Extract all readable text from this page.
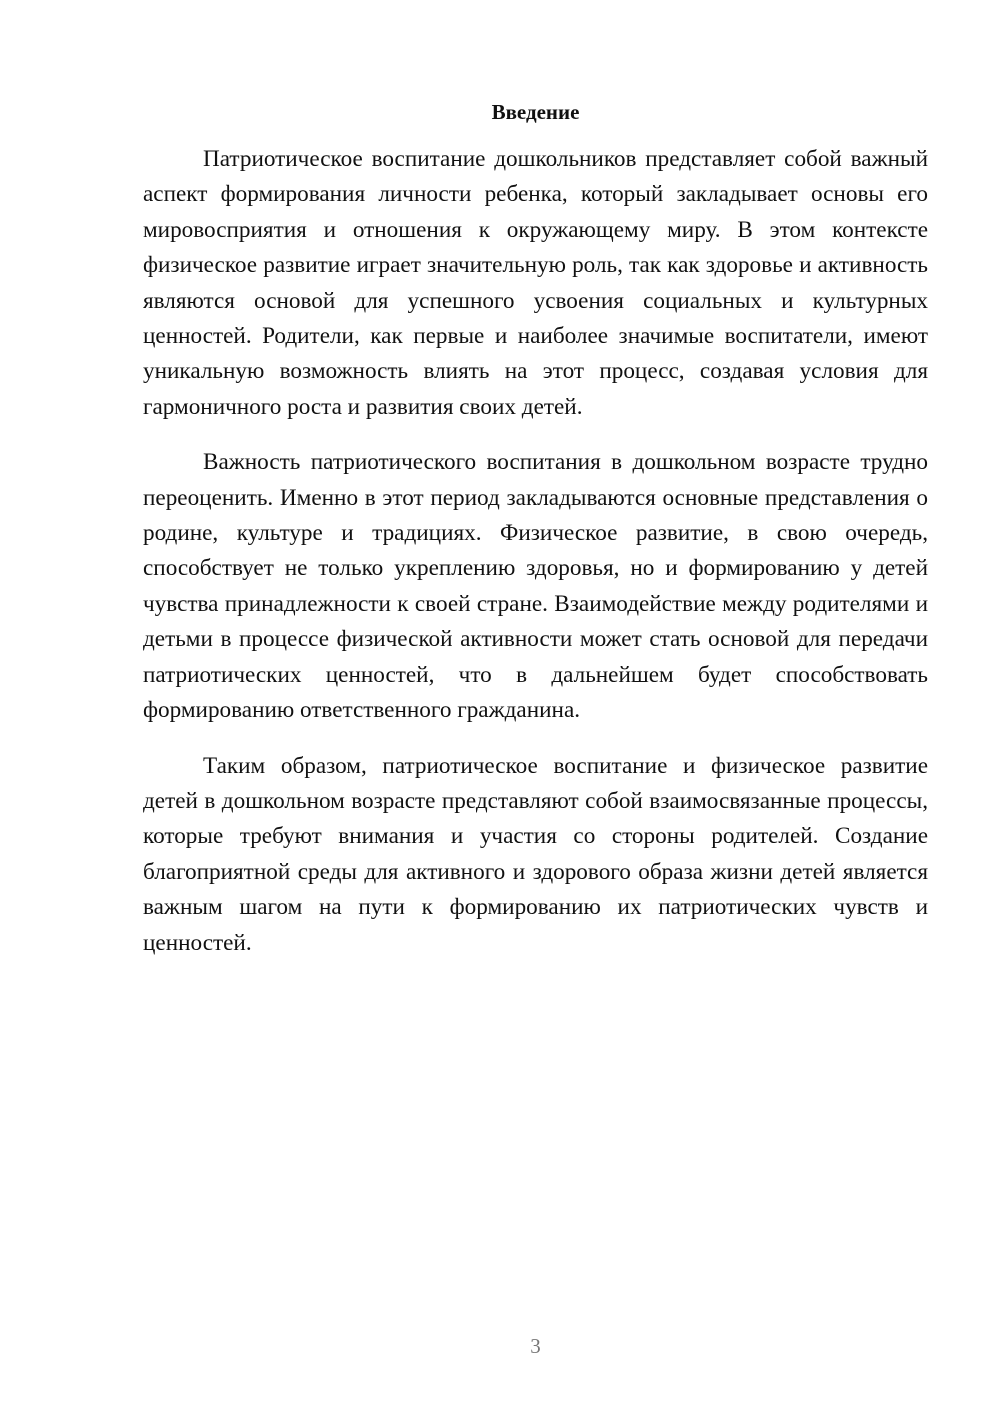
Введение

Патриотическое воспитание дошкольников представляет собой важный аспект формирования личности ребенка, который закладывает основы его мировосприятия и отношения к окружающему миру. В этом контексте физическое развитие играет значительную роль, так как здоровье и активность являются основой для успешного усвоения социальных и культурных ценностей. Родители, как первые и наиболее значимые воспитатели, имеют уникальную возможность влиять на этот процесс, создавая условия для гармоничного роста и развития своих детей.

Важность патриотического воспитания в дошкольном возрасте трудно переоценить. Именно в этот период закладываются основные представления о родине, культуре и традициях. Физическое развитие, в свою очередь, способствует не только укреплению здоровья, но и формированию у детей чувства принадлежности к своей стране. Взаимодействие между родителями и детьми в процессе физической активности может стать основой для передачи патриотических ценностей, что в дальнейшем будет способствовать формированию ответственного гражданина.

Таким образом, патриотическое воспитание и физическое развитие детей в дошкольном возрасте представляют собой взаимосвязанные процессы, которые требуют внимания и участия со стороны родителей. Создание благоприятной среды для активного и здорового образа жизни детей является важным шагом на пути к формированию их патриотических чувств и ценностей.

3
